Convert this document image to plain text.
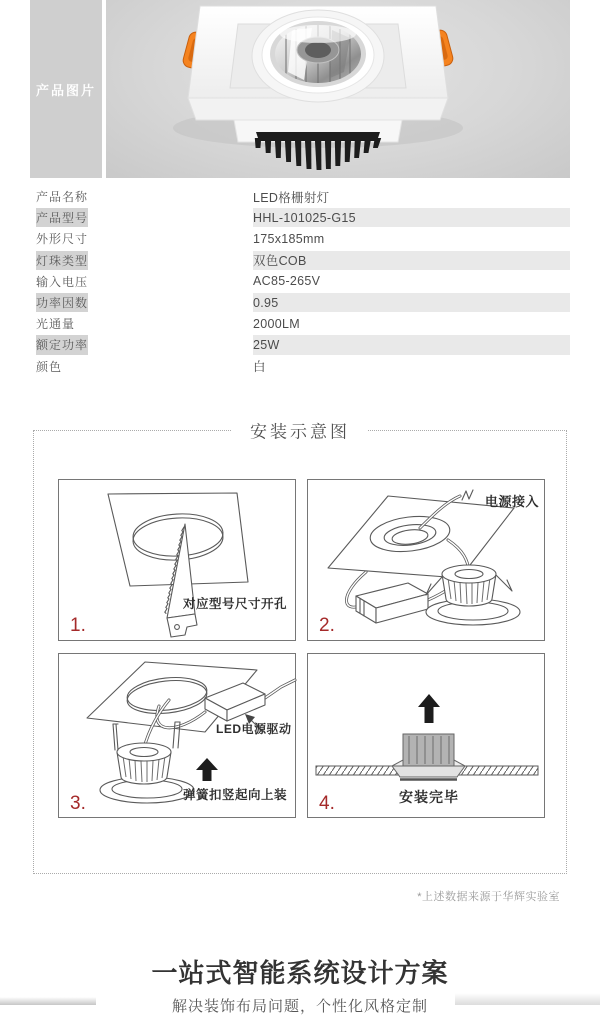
产品图片
产品名称	LED格栅射灯
产品型号	HHL-101025-G15
外形尺寸	175x185mm
灯珠类型	双色COB
输入电压	AC85-265V
功率因数	0.95
光通量	2000LM
额定功率	25W
颜色	白
安装示意图
对应型号尺寸开孔
1.
电源接入
2.
LED电源驱动
弹簧扣竖起向上装
3.	安装完毕
4.
*上述数据来源于华辉实验室
一站式智能系统设计方案
解决装饰布局问题，个性化风格定制
